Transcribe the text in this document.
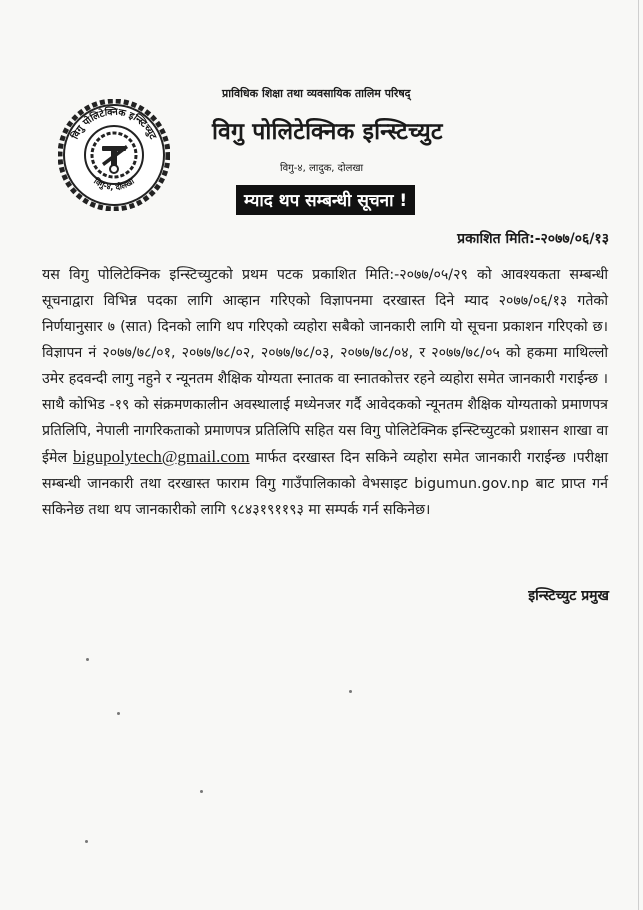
विगु पोलिटेक्निक इन्स्टिच्युट
विगु-४, दोलखा
प्राविधिक शिक्षा तथा व्यवसायिक तालिम परिषद्
विगु पोलिटेक्निक इन्स्टिच्युट
विगु-४, लादुक, दोलखा
म्याद थप सम्बन्धी सूचना !
प्रकाशित मिति:-२०७७/०६/१३
यस विगु पोलिटेक्निक इन्स्टिच्युटको प्रथम पटक प्रकाशित मिति:-२०७७/०५/२९ को आवश्यकता सम्बन्धी सूचनाद्वारा विभिन्न पदका लागि आव्हान गरिएको विज्ञापनमा दरखास्त दिने म्याद २०७७/०६/१३ गतेको निर्णयानुसार ७ (सात) दिनको लागि थप गरिएको व्यहोरा सबैको जानकारी लागि यो सूचना प्रकाशन गरिएको छ। विज्ञापन नं २०७७/७८/०१, २०७७/७८/०२, २०७७/७८/०३, २०७७/७८/०४, र २०७७/७८/०५ को हकमा माथिल्लो उमेर हदवन्दी लागु नहुने र न्यूनतम शैक्षिक योग्यता स्नातक वा स्नातकोत्तर रहने व्यहोरा समेत जानकारी गराईन्छ ।साथै कोभिड -१९ को संक्रमणकालीन अवस्थालाई मध्येनजर गर्दै आवेदकको न्यूनतम शैक्षिक योग्यताको प्रमाणपत्र प्रतिलिपि, नेपाली नागरिकताको प्रमाणपत्र प्रतिलिपि सहित यस विगु पोलिटेक्निक इन्स्टिच्युटको प्रशासन शाखा वा ईमेल bigupolytech@gmail.com मार्फत दरखास्त दिन सकिने व्यहोरा समेत जानकारी गराईन्छ ।परीक्षा सम्बन्धी जानकारी तथा दरखास्त फाराम विगु गाउँपालिकाको वेभसाइट bigumun.gov.np बाट प्राप्त गर्न सकिनेछ तथा थप जानकारीको लागि ९८४३१९११९३ मा सम्पर्क गर्न सकिनेछ।
इन्स्टिच्युट प्रमुख
